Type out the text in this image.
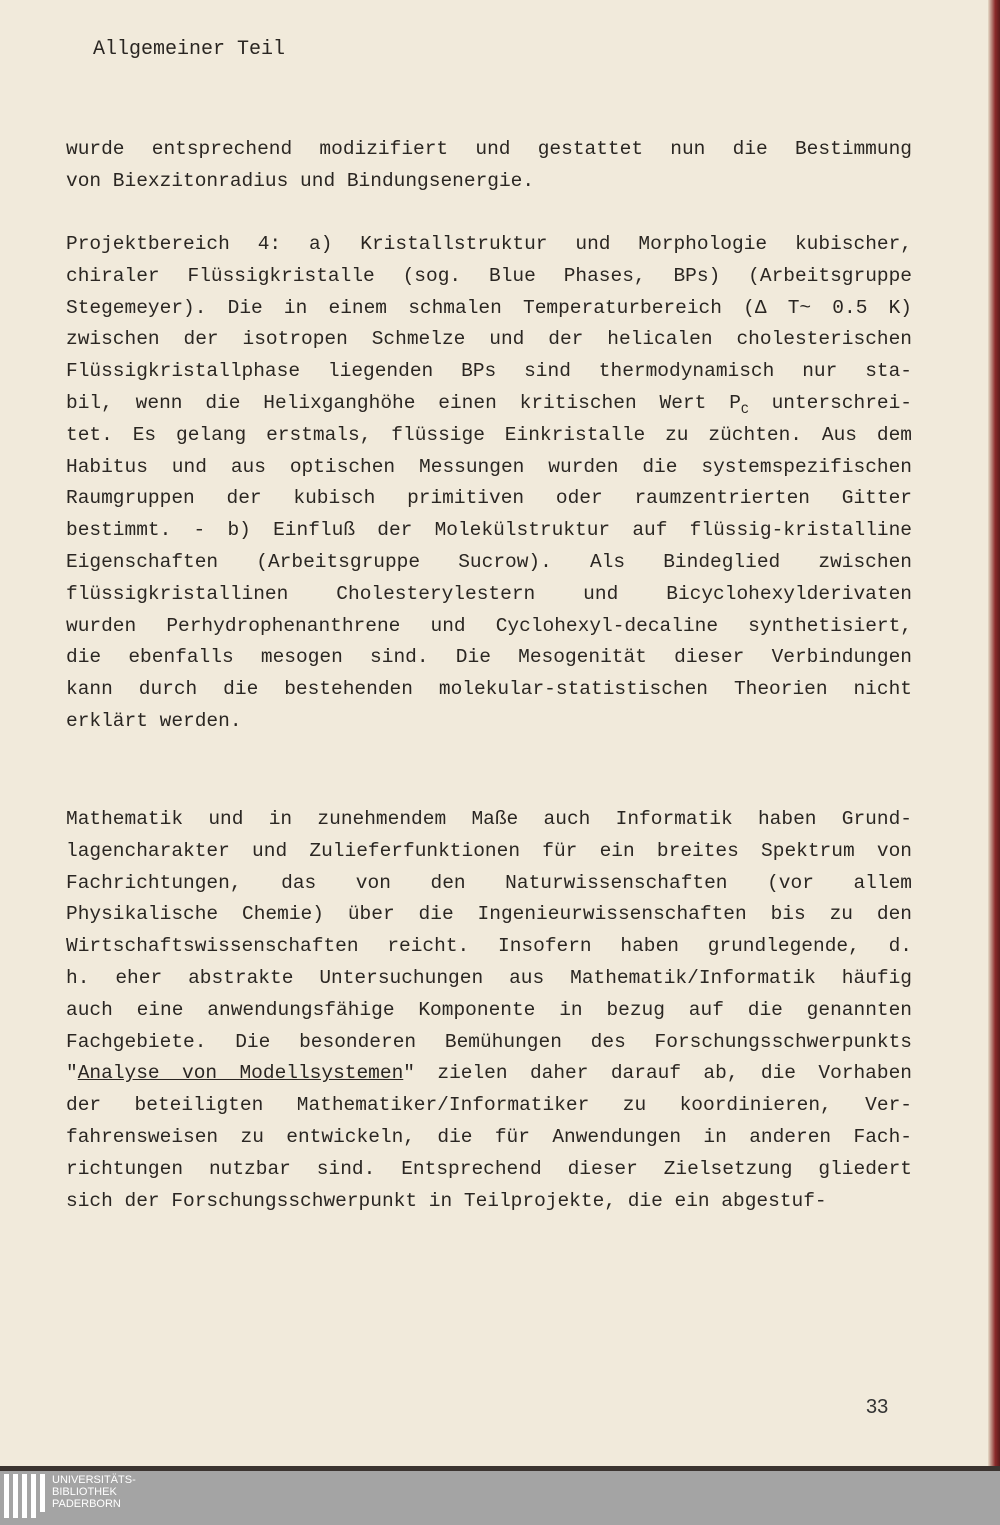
Allgemeiner Teil
wurde entsprechend modizifiert und gestattet nun die Bestimmung
von Biexzitonradius und Bindungsenergie.
Projektbereich 4: a) Kristallstruktur und Morphologie kubischer,
chiraler Flüssigkristalle (sog. Blue Phases, BPs) (Arbeitsgruppe
Stegemeyer). Die in einem schmalen Temperaturbereich (Δ T~ 0.5 K)
zwischen der isotropen Schmelze und der helicalen cholesterischen
Flüssigkristallphase liegenden BPs sind thermodynamisch nur sta-
bil, wenn die Helixganghöhe einen kritischen Wert $P_C$ unterschrei-
tet. Es gelang erstmals, flüssige Einkristalle zu züchten. Aus dem
Habitus und aus optischen Messungen wurden die systemspezifischen
Raumgruppen der kubisch primitiven oder raumzentrierten Gitter
bestimmt. - b) Einfluß der Molekülstruktur auf flüssig-kristalline
Eigenschaften (Arbeitsgruppe Sucrow). Als Bindeglied zwischen
flüssigkristallinen Cholesterylestern und Bicyclohexylderivaten
wurden Perhydrophenanthrene und Cyclohexyl-decaline synthetisiert,
die ebenfalls mesogen sind. Die Mesogenität dieser Verbindungen
kann durch die bestehenden molekular-statistischen Theorien nicht
erklärt werden.
Mathematik und in zunehmendem Maße auch Informatik haben Grund-
lagencharakter und Zulieferfunktionen für ein breites Spektrum von
Fachrichtungen, das von den Naturwissenschaften (vor allem
Physikalische Chemie) über die Ingenieurwissenschaften bis zu den
Wirtschaftswissenschaften reicht. Insofern haben grundlegende, d.
h. eher abstrakte Untersuchungen aus Mathematik/Informatik häufig
auch eine anwendungsfähige Komponente in bezug auf die genannten
Fachgebiete. Die besonderen Bemühungen des Forschungsschwerpunkts
"Analyse von Modellsystemen" zielen daher darauf ab, die Vorhaben
der beteiligten Mathematiker/Informatiker zu koordinieren, Ver-
fahrensweisen zu entwickeln, die für Anwendungen in anderen Fach-
richtungen nutzbar sind. Entsprechend dieser Zielsetzung gliedert
sich der Forschungsschwerpunkt in Teilprojekte, die ein abgestuf-
33
UNIVERSITÄTS-
BIBLIOTHEK
PADERBORN
